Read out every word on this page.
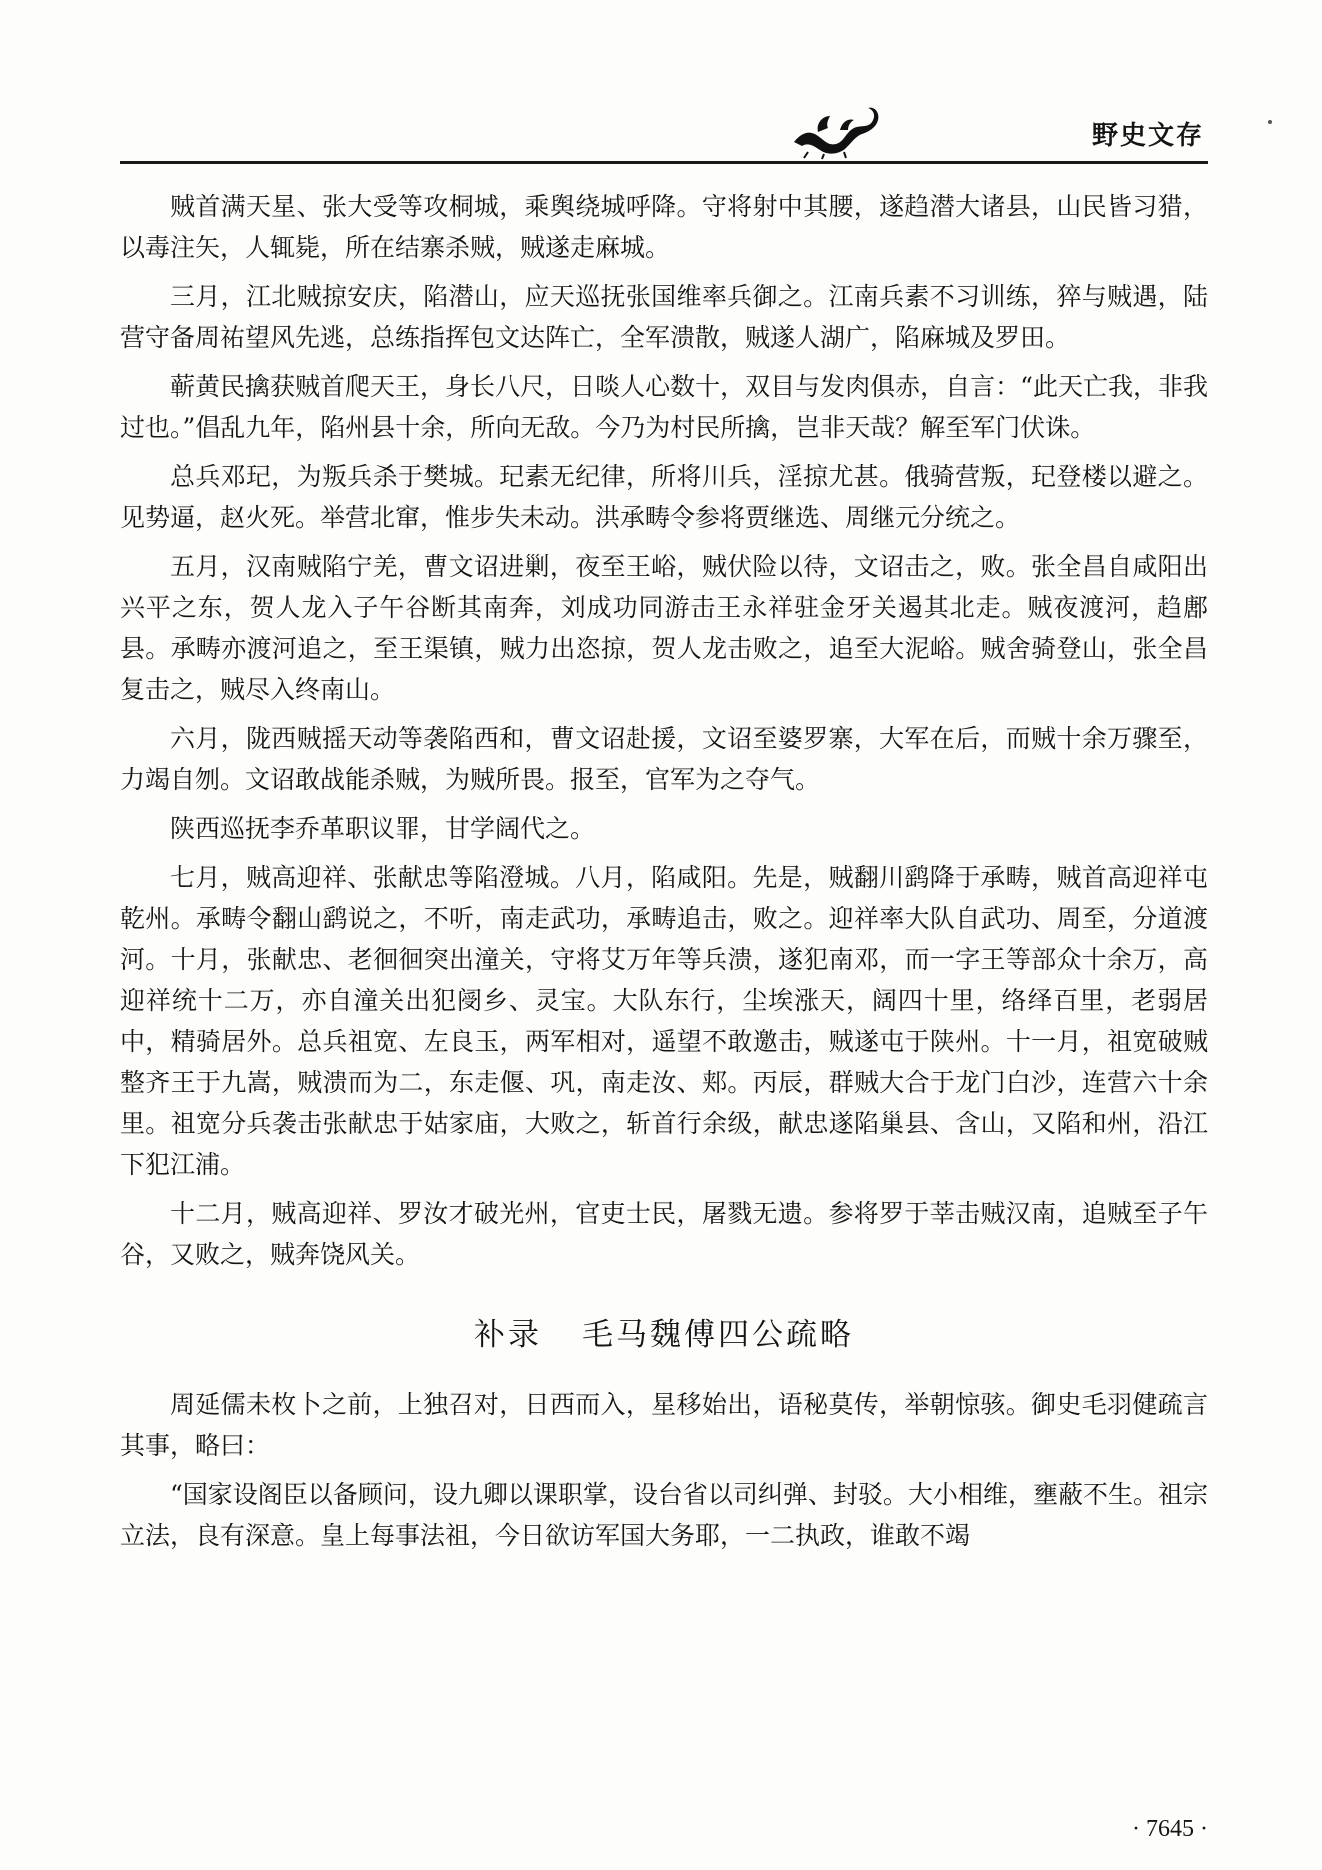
野史文存

贼首满天星、张大受等攻桐城，乘舆绕城呼降。守将射中其腰，遂趋潜大诸县，山民皆习猎，以毒注矢，人辄毙，所在结寨杀贼，贼遂走麻城。

三月，江北贼掠安庆，陷潜山，应天巡抚张国维率兵御之。江南兵素不习训练，猝与贼遇，陆营守备周祐望风先逃，总练指挥包文达阵亡，全军溃散，贼遂人湖广，陷麻城及罗田。

蕲黄民擒获贼首爬天王，身长八尺，日啖人心数十，双目与发肉俱赤，自言：“此天亡我，非我过也。”倡乱九年，陷州县十余，所向无敌。今乃为村民所擒，岂非天哉？解至军门伏诛。

总兵邓玘，为叛兵杀于樊城。玘素无纪律，所将川兵，淫掠尤甚。俄骑营叛，玘登楼以避之。见势逼，赵火死。举营北窜，惟步失未动。洪承畴令参将贾继选、周继元分统之。

五月，汉南贼陷宁羌，曹文诏进剿，夜至王峪，贼伏险以待，文诏击之，败。张全昌自咸阳出兴平之东，贺人龙入子午谷断其南奔，刘成功同游击王永祥驻金牙关遏其北走。贼夜渡河，趋鄌县。承畴亦渡河追之，至王渠镇，贼力出恣掠，贺人龙击败之，追至大泥峪。贼舍骑登山，张全昌复击之，贼尽入终南山。

六月，陇西贼摇天动等袭陷西和，曹文诏赴援，文诏至婆罗寨，大军在后，而贼十余万骤至，力竭自刎。文诏敢战能杀贼，为贼所畏。报至，官军为之夺气。

陕西巡抚李乔革职议罪，甘学阔代之。

七月，贼高迎祥、张献忠等陷澄城。八月，陷咸阳。先是，贼翻川鹞降于承畴，贼首高迎祥屯乾州。承畴令翻山鹞说之，不听，南走武功，承畴追击，败之。迎祥率大队自武功、周至，分道渡河。十月，张献忠、老徊徊突出潼关，守将艾万年等兵溃，遂犯南邓，而一字王等部众十余万，高迎祥统十二万，亦自潼关出犯阌乡、灵宝。大队东行，尘埃涨天，阔四十里，络绎百里，老弱居中，精骑居外。总兵祖宽、左良玉，两军相对，遥望不敢邀击，贼遂屯于陕州。十一月，祖宽破贼整齐王于九嵩，贼溃而为二，东走偃、巩，南走汝、郏。丙辰，群贼大合于龙门白沙，连营六十余里。祖宽分兵袭击张献忠于姑家庙，大败之，斩首行余级，献忠遂陷巢县、含山，又陷和州，沿江下犯江浦。

十二月，贼高迎祥、罗汝才破光州，官吏士民，屠戮无遗。参将罗于莘击贼汉南，追贼至子午谷，又败之，贼奔饶风关。

补录 毛马魏傅四公疏略

周延儒未枚卜之前，上独召对，日西而入，星移始出，语秘莫传，举朝惊骇。御史毛羽健疏言其事，略曰：

“国家设阁臣以备顾问，设九卿以课职掌，设台省以司纠弹、封驳。大小相维，壅蔽不生。祖宗立法，良有深意。皇上每事法祖，今日欲访军国大务耶，一二执政，谁敢不竭

· 7645 ·
